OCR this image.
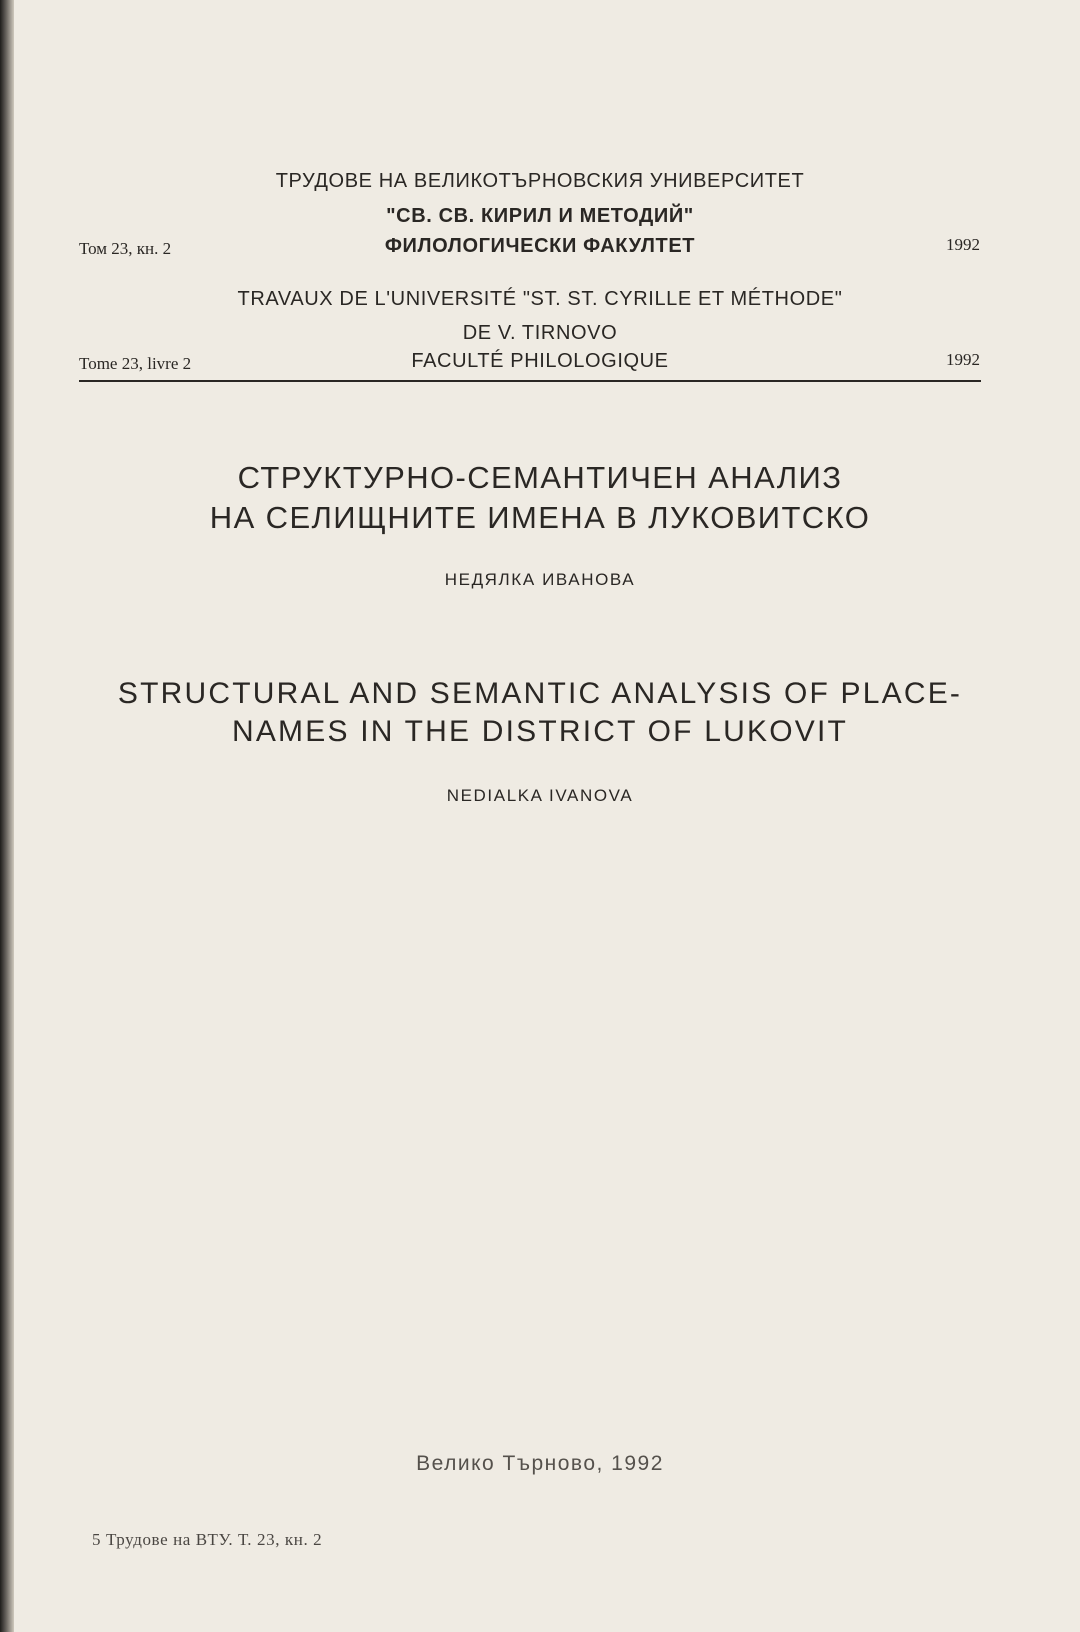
ТРУДОВЕ НА ВЕЛИКОТЪРНОВСКИЯ УНИВЕРСИТЕТ
"СВ. СВ. КИРИЛ И МЕТОДИЙ"
Том 23, кн. 2	ФИЛОЛОГИЧЕСКИ ФАКУЛТЕТ	1992
TRAVAUX DE L'UNIVERSITÉ "ST. ST. CYRILLE ET MÉTHODE"
DE V. TIRNOVO
Tome 23, livre 2	FACULTÉ PHILOLOGIQUE	1992
СТРУКТУРНО-СЕМАНТИЧЕН АНАЛИЗ
НА СЕЛИЩНИТЕ ИМЕНА В ЛУКОВИТСКО
НЕДЯЛКА ИВАНОВА
STRUCTURAL AND SEMANTIC ANALYSIS OF PLACE-
NAMES IN THE DISTRICT OF LUKOVIT
NEDIALKA IVANOVA
Велико Търново, 1992
5 Трудове на ВТУ. Т. 23, кн. 2
